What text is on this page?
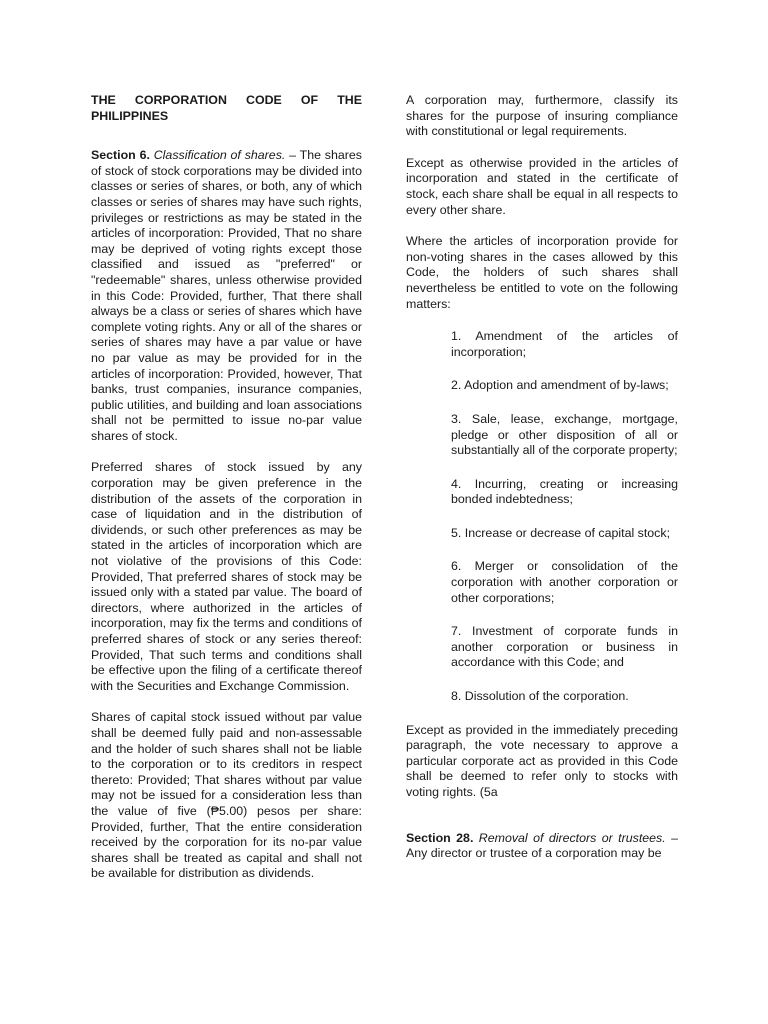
THE CORPORATION CODE OF THE PHILIPPINES

Section 6. Classification of shares. – The shares of stock of stock corporations may be divided into classes or series of shares, or both, any of which classes or series of shares may have such rights, privileges or restrictions as may be stated in the articles of incorporation: Provided, That no share may be deprived of voting rights except those classified and issued as "preferred" or "redeemable" shares, unless otherwise provided in this Code: Provided, further, That there shall always be a class or series of shares which have complete voting rights. Any or all of the shares or series of shares may have a par value or have no par value as may be provided for in the articles of incorporation: Provided, however, That banks, trust companies, insurance companies, public utilities, and building and loan associations shall not be permitted to issue no-par value shares of stock.

Preferred shares of stock issued by any corporation may be given preference in the distribution of the assets of the corporation in case of liquidation and in the distribution of dividends, or such other preferences as may be stated in the articles of incorporation which are not violative of the provisions of this Code: Provided, That preferred shares of stock may be issued only with a stated par value. The board of directors, where authorized in the articles of incorporation, may fix the terms and conditions of preferred shares of stock or any series thereof: Provided, That such terms and conditions shall be effective upon the filing of a certificate thereof with the Securities and Exchange Commission.

Shares of capital stock issued without par value shall be deemed fully paid and non-assessable and the holder of such shares shall not be liable to the corporation or to its creditors in respect thereto: Provided; That shares without par value may not be issued for a consideration less than the value of five (₱5.00) pesos per share: Provided, further, That the entire consideration received by the corporation for its no-par value shares shall be treated as capital and shall not be available for distribution as dividends.

A corporation may, furthermore, classify its shares for the purpose of insuring compliance with constitutional or legal requirements.

Except as otherwise provided in the articles of incorporation and stated in the certificate of stock, each share shall be equal in all respects to every other share.

Where the articles of incorporation provide for non-voting shares in the cases allowed by this Code, the holders of such shares shall nevertheless be entitled to vote on the following matters:

1. Amendment of the articles of incorporation;
2. Adoption and amendment of by-laws;
3. Sale, lease, exchange, mortgage, pledge or other disposition of all or substantially all of the corporate property;
4. Incurring, creating or increasing bonded indebtedness;
5. Increase or decrease of capital stock;
6. Merger or consolidation of the corporation with another corporation or other corporations;
7. Investment of corporate funds in another corporation or business in accordance with this Code; and
8. Dissolution of the corporation.

Except as provided in the immediately preceding paragraph, the vote necessary to approve a particular corporate act as provided in this Code shall be deemed to refer only to stocks with voting rights. (5a

Section 28. Removal of directors or trustees. – Any director or trustee of a corporation may be
